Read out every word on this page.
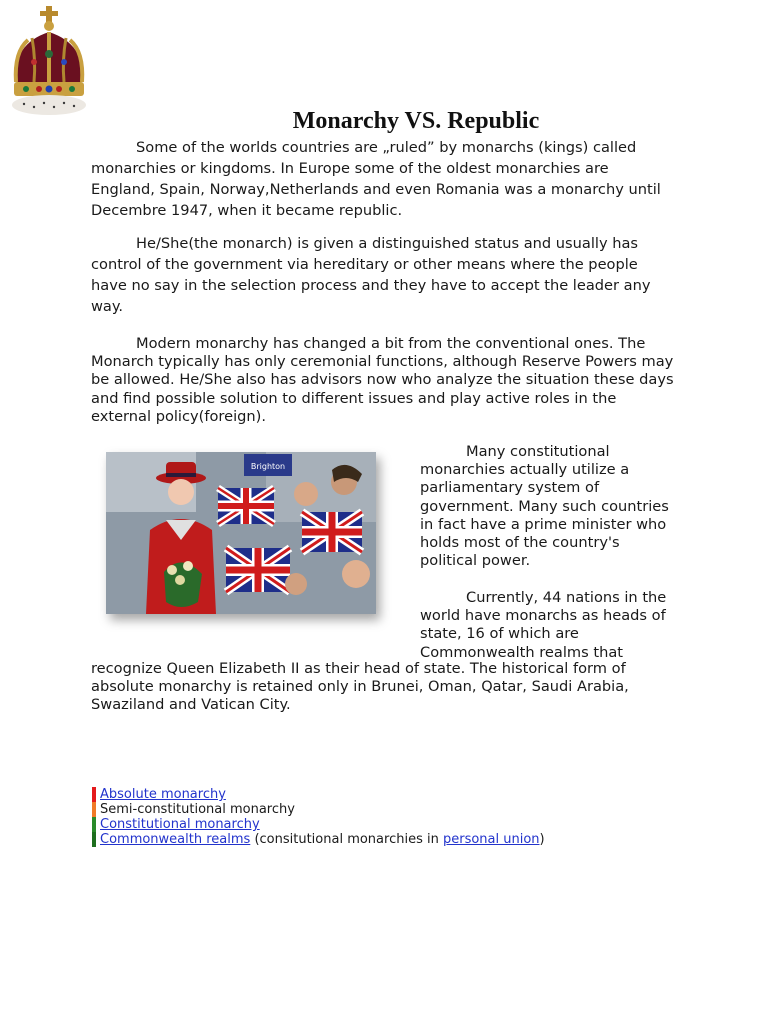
Monarchy VS. Republic

Some of the worlds countries are „ruled” by monarchs (kings) called monarchies or kingdoms. In Europe some of the oldest monarchies are England, Spain, Norway,Netherlands and even Romania was a monarchy until Decembre 1947, when it became republic.

He/She(the monarch) is given a distinguished status and usually has control of the government via hereditary or other means where the people have no say in the selection process and they have to accept the leader any way.

Modern monarchy has changed a bit from the conventional ones. The Monarch typically has only ceremonial functions, although Reserve Powers may be allowed. He/She also has advisors now who analyze the situation these days and find possible solution to different issues and play active roles in the external policy(foreign).

Brighton

Many constitutional monarchies actually utilize a parliamentary system of government. Many such countries in fact have a prime minister who holds most of the country's political power.

Currently, 44 nations in the world have monarchs as heads of state, 16 of which are Commonwealth realms that

recognize Queen Elizabeth II as their head of state. The historical form of absolute monarchy is retained only in Brunei, Oman, Qatar, Saudi Arabia, Swaziland and Vatican City.

Absolute monarchy
Semi-constitutional monarchy
Constitutional monarchy
Commonwealth realms (consitutional monarchies in personal union)
